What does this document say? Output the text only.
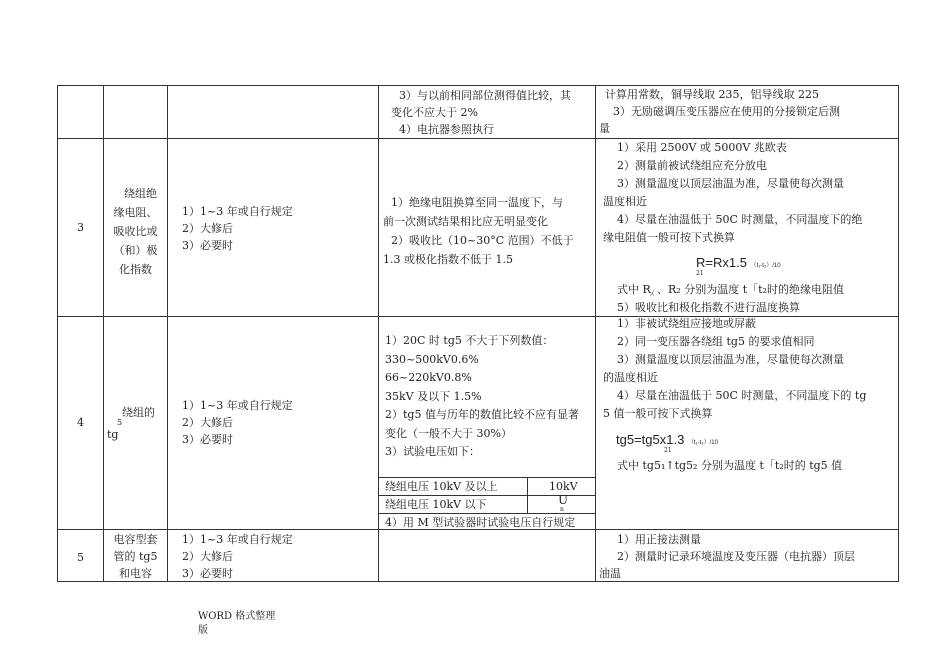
3）与以前相同部位测得值比较，其
变化不应大于 2%
4）电抗器参照执行
计算用常数，铜导线取 235，铝导线取 225
3）无励磁调压变压器应在使用的分接锁定后测
量
3
绕组绝
缘电阻、
吸收比或
（和）极
化指数
1）1~3 年或自行规定
2）大修后
3）必要时
1）绝缘电阻换算至同一温度下，与
前一次测试结果相比应无明显变化
2）吸收比（10~30°C 范围）不低于
1.3 或极化指数不低于 1.5
1）采用 2500V 或 5000V 兆欧表
2）测量前被试绕组应充分放电
3）测量温度以顶层油温为准，尽量使每次测量
温度相近
4）尽量在油温低于 50C 时测量，不同温度下的绝
缘电阻值一般可按下式换算
R=Rx1.5 （t₁-t₂）/10
21
式中 R⁁ 、R₂ 分别为温度 t「t₂时的绝缘电阻值
5）吸收比和极化指数不进行温度换算
4
绕组的
tg
5
1）1~3 年或自行规定
2）大修后
3）必要时
1）20C 时 tg5 不大于下列数值：
330~500kV0.6%
66~220kV0.8%
35kV 及以下 1.5%
2）tg5 值与历年的数值比较不应有显著
变化（一般不大于 30%）
3）试验电压如下：
绕组电压 10kV 及以上	10kV
绕组电压 10kV 以下	U
n
4）用 M 型试验器时试验电压自行规定
1）非被试绕组应接地或屏蔽
2）同一变压器各绕组 tg5 的要求值相同
3）测量温度以顶层油温为准，尽量使每次测量
的温度相近
4）尽量在油温低于 50C 时测量，不同温度下的 tg
5 值一般可按下式换算
tg5=tg5x1.3 （t₁-t₂）/10
21
式中 tg5₁↑tg5₂ 分别为温度 t「t₂时的 tg5 值
5
电容型套
管的 tg5
和电容
1）1~3 年或自行规定
2）大修后
3）必要时
1）用正接法测量
2）测量时记录环境温度及变压器（电抗器）顶层
油温
WORD 格式整理
版
